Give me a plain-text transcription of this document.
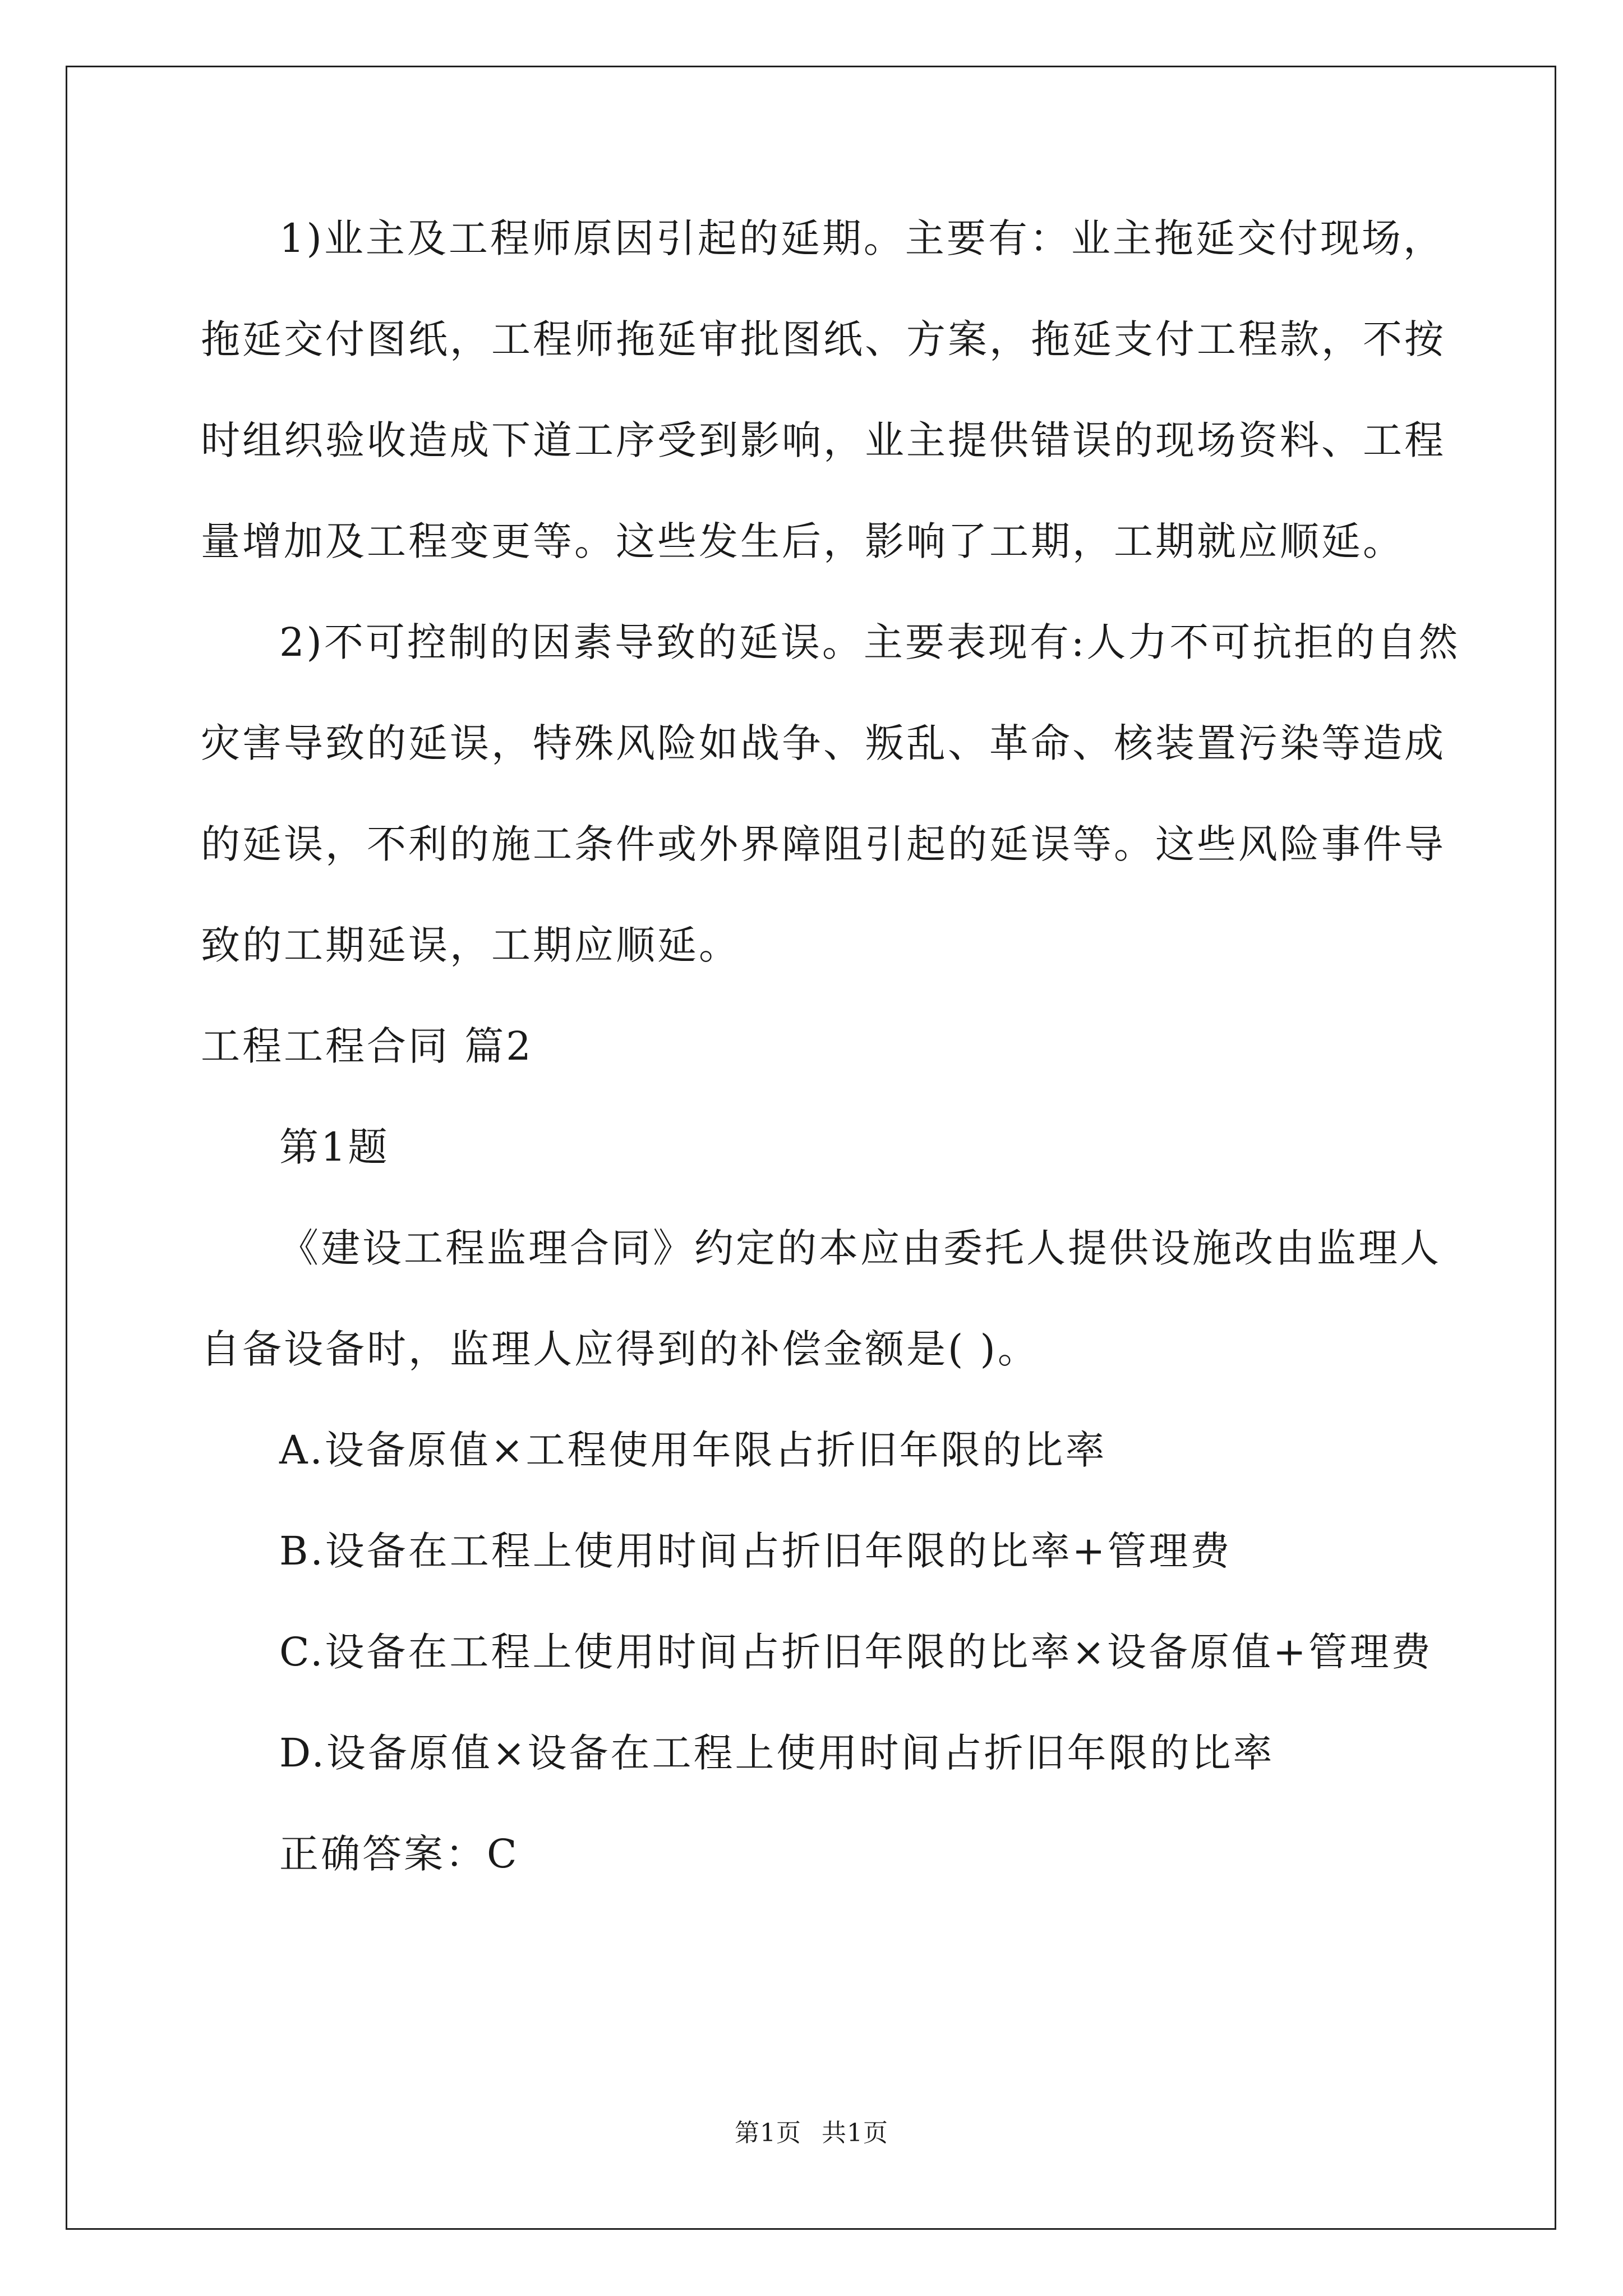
1)业主及工程师原因引起的延期。主要有：业主拖延交付现场，
拖延交付图纸，工程师拖延审批图纸、方案，拖延支付工程款，不按
时组织验收造成下道工序受到影响，业主提供错误的现场资料、工程
量增加及工程变更等。这些发生后，影响了工期，工期就应顺延。
2)不可控制的因素导致的延误。主要表现有:人力不可抗拒的自然
灾害导致的延误，特殊风险如战争、叛乱、革命、核装置污染等造成
的延误，不利的施工条件或外界障阻引起的延误等。这些风险事件导
致的工期延误，工期应顺延。
工程工程合同 篇2
第1题
《建设工程监理合同》约定的本应由委托人提供设施改由监理人
自备设备时，监理人应得到的补偿金额是( )。
A.设备原值×工程使用年限占折旧年限的比率
B.设备在工程上使用时间占折旧年限的比率+管理费
C.设备在工程上使用时间占折旧年限的比率×设备原值+管理费
D.设备原值×设备在工程上使用时间占折旧年限的比率
正确答案：C
第1页 共1页
